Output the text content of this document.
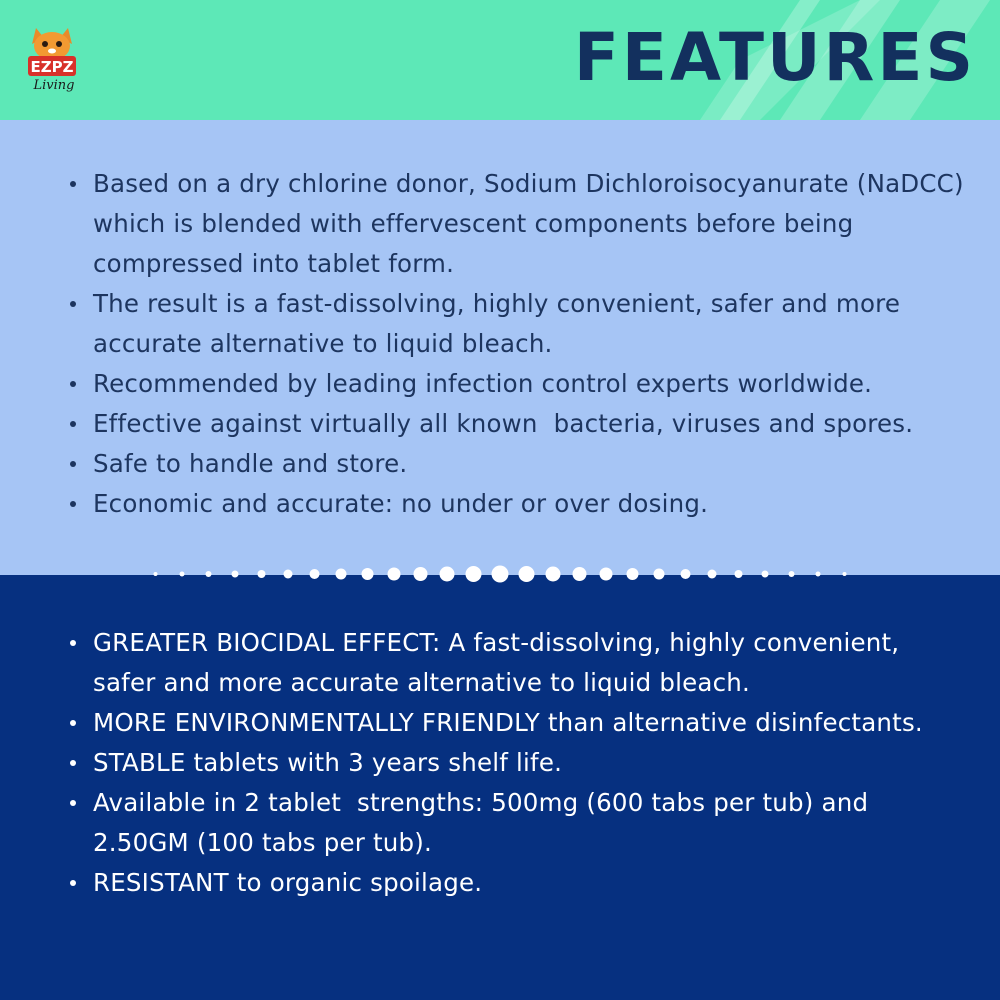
EZPZ
Living	FEATURES
Based on a dry chlorine donor, Sodium Dichloroisocyanurate (NaDCC) which is blended with effervescent components before being compressed into tablet form.
The result is a fast-dissolving, highly convenient, safer and more accurate alternative to liquid bleach.
Recommended by leading infection control experts worldwide.
Effective against virtually all known  bacteria, viruses and spores.
Safe to handle and store.
Economic and accurate: no under or over dosing.
GREATER BIOCIDAL EFFECT: A fast-dissolving, highly convenient, safer and more accurate alternative to liquid bleach.
MORE ENVIRONMENTALLY FRIENDLY than alternative disinfectants.
STABLE tablets with 3 years shelf life.
Available in 2 tablet  strengths: 500mg (600 tabs per tub) and 2.50GM (100 tabs per tub).
RESISTANT to organic spoilage.
